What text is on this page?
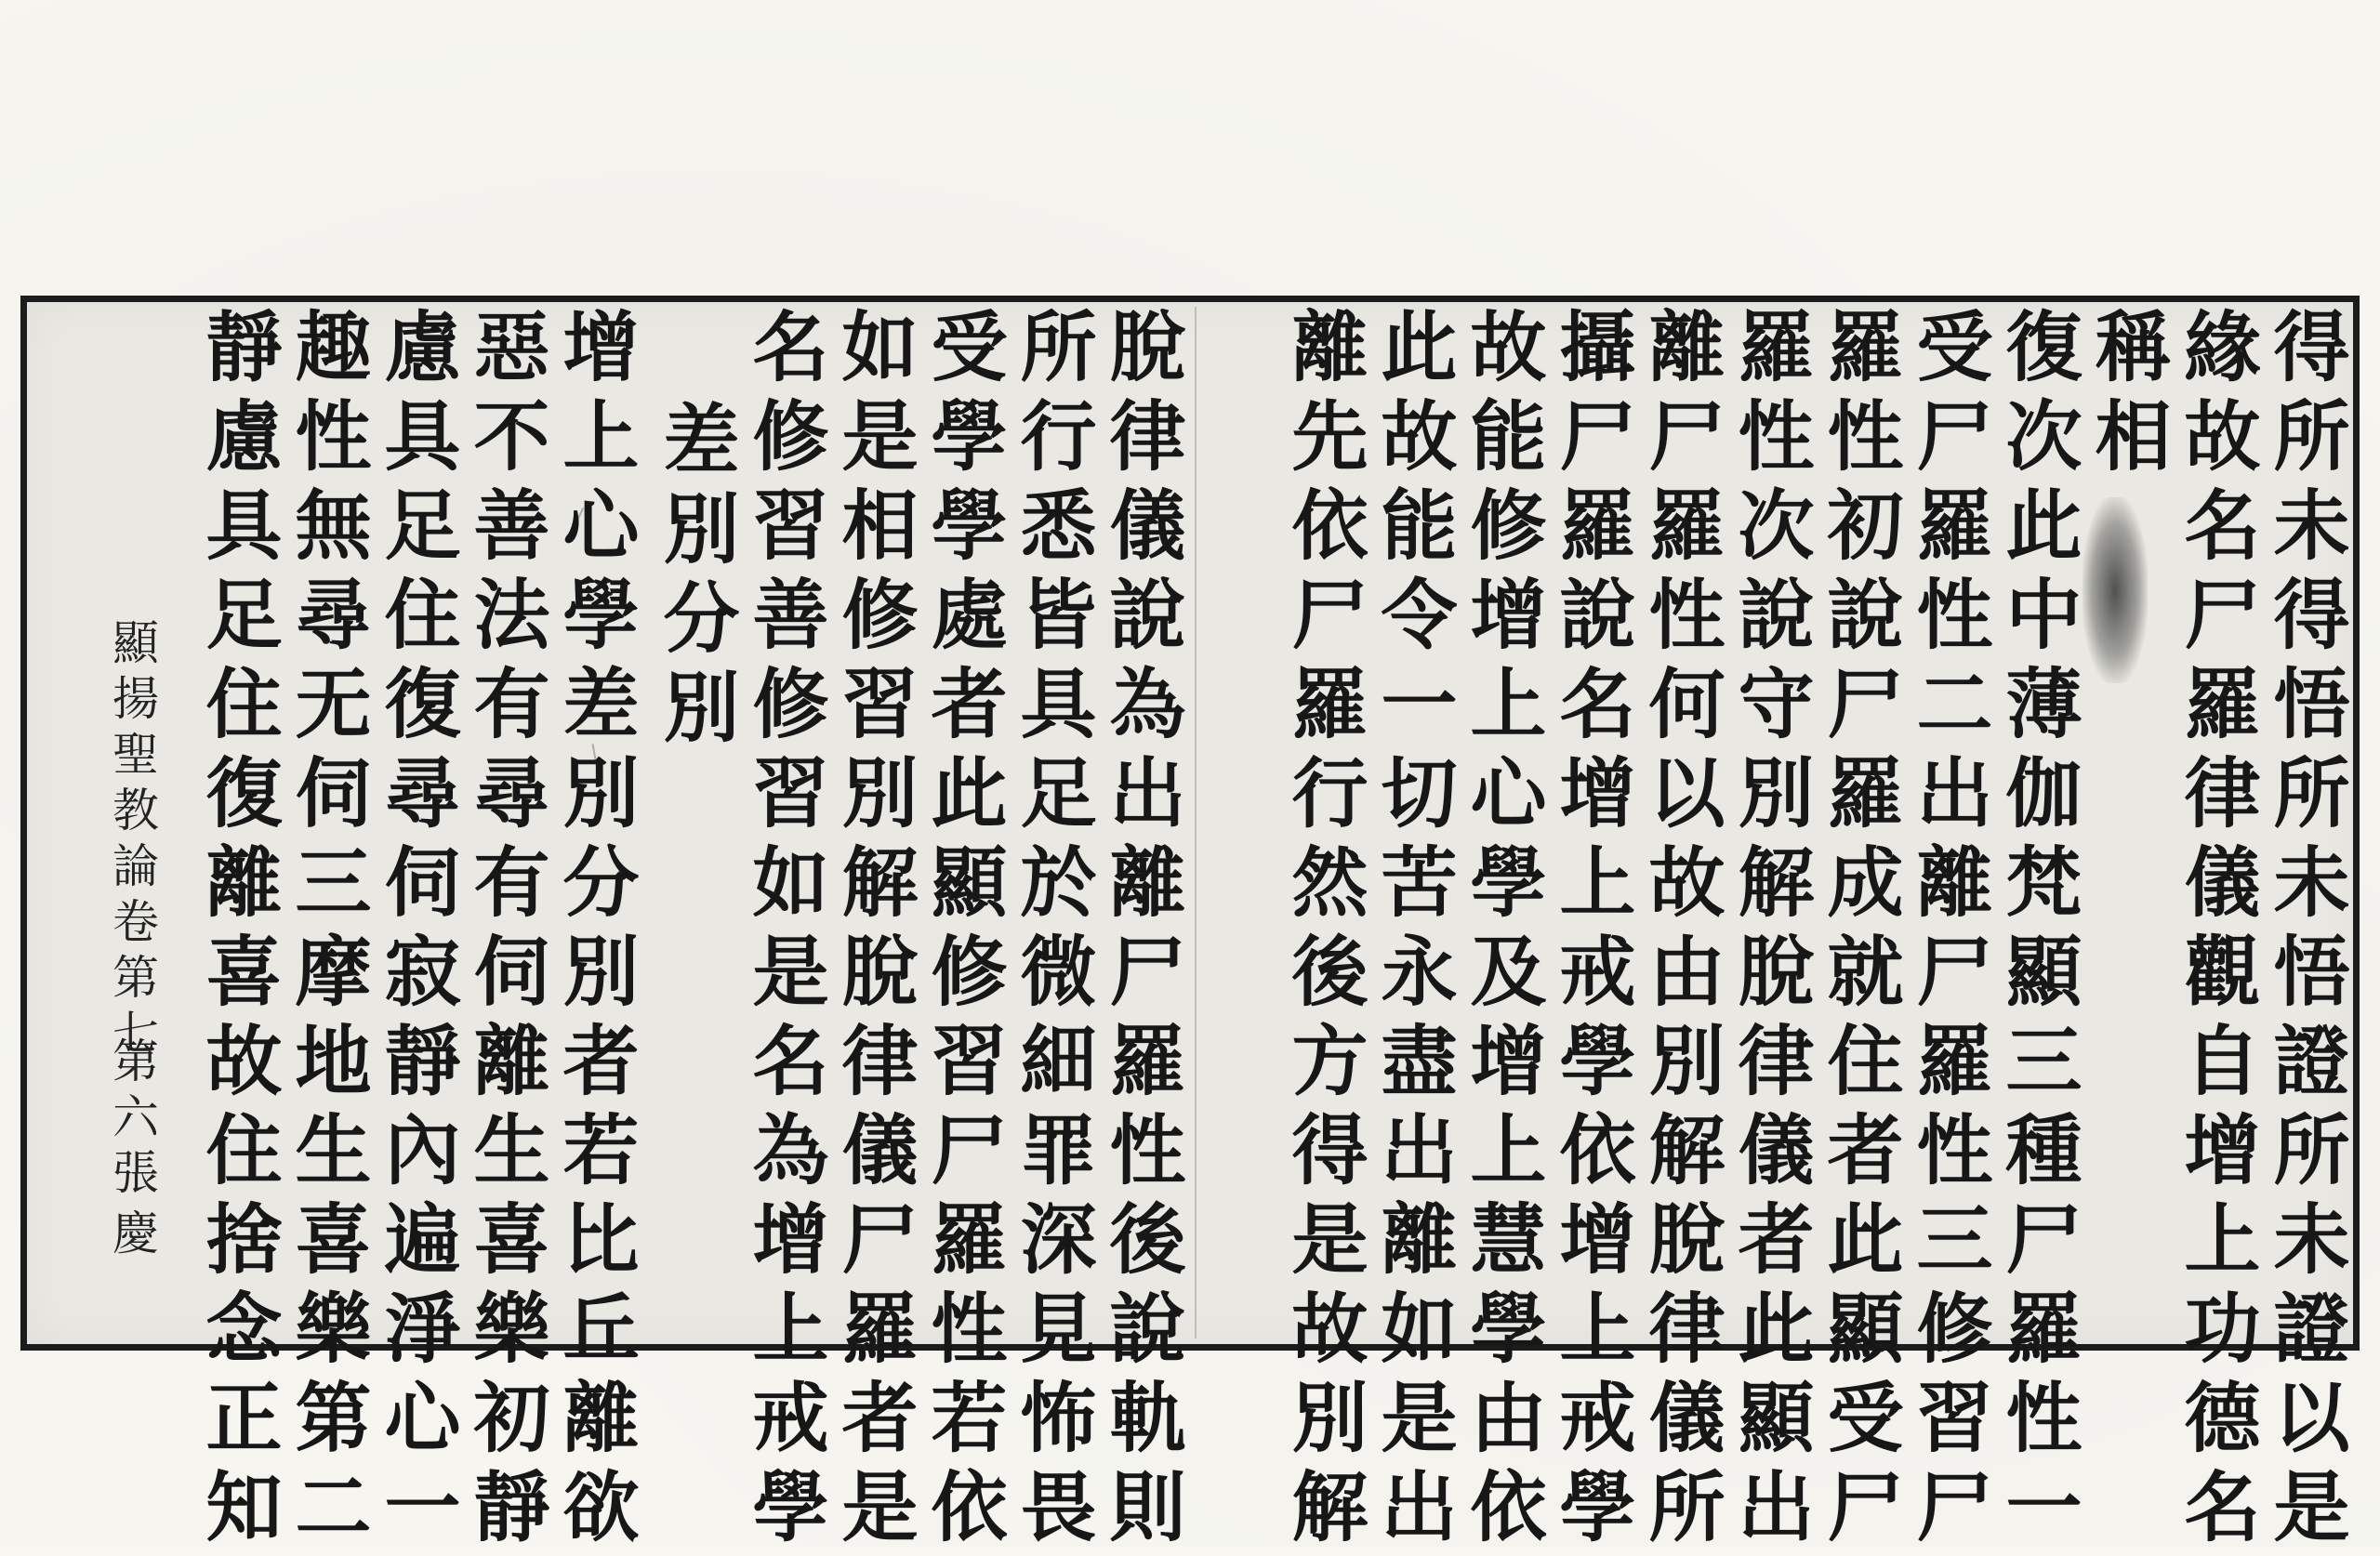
得所未得悟所未悟證所未證以是

緣故名尸羅律儀觀自增上功德名

稱相

復次此中薄伽梵顯三種尸羅性一

受尸羅性二出離尸羅性三修習尸

羅性初說尸羅成就住者此顯受尸

羅性次說守別解脫律儀者此顯出

離尸羅性何以故由別解脫律儀所

攝尸羅說名增上戒學依增上戒學

故能修增上心學及增上慧學由依

此故能令一切苦永盡出離如是出

離先依尸羅行然後方得是故別解

脫律儀說為出離尸羅性後說軌則

所行悉皆具足於微細罪深見怖畏

受學學處者此顯修習尸羅性若依

如是相修習別解脫律儀尸羅者是

名修習善修習如是名為增上戒學

差別分別

增上心學差別分別者若比丘離欲

惡不善法有尋有伺離生喜樂初靜

慮具足住復尋伺寂靜內遍淨心一

趣性無尋无伺三摩地生喜樂第二

靜慮具足住復離喜故住捨念正知

顯揚聖教論卷第七

第六張

慶
